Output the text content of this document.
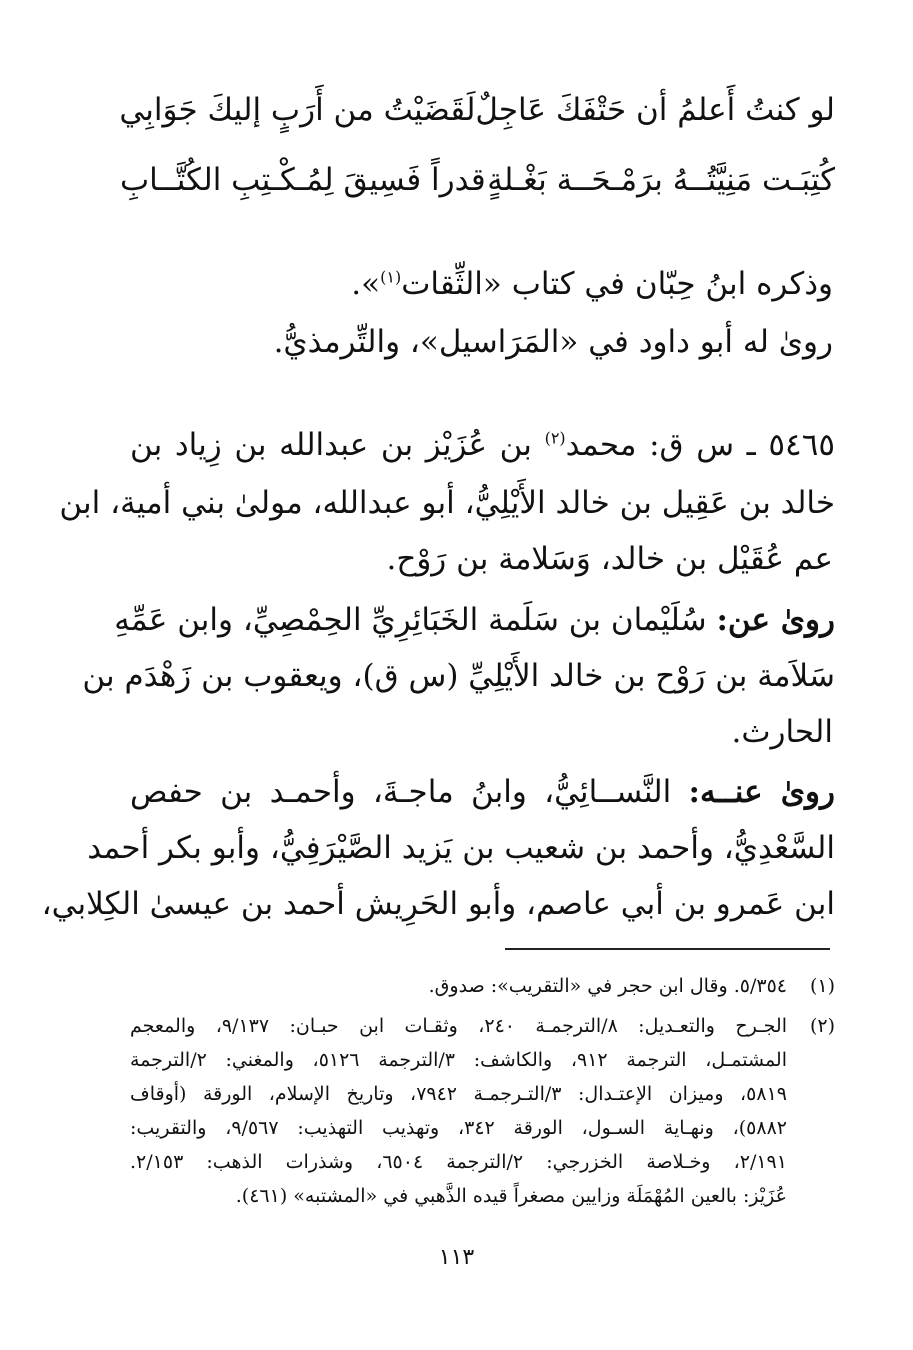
لو كنتُ أَعلمُ أن حَتْفَكَ عَاجِلٌ
لَقَضَيْتُ من أَرَبٍ إليكَ جَوَابِي
كُتِبَـت مَنِيَّتُــهُ برَمْـحَــة بَغْـلةٍ
قدراً فَسِيقَ لِمُـكْـتِبِ الكُتَّــابِ
وذكره ابنُ حِبّان في كتاب «الثِّقات$^{(١)}$».
روىٰ له أبو داود في «المَرَاسيل»، والتِّرمذيُّ.
٥٤٦٥ ـ س ق: محمد$^{(٢)}$ بن عُزَيْز بن عبدالله بن زِياد بن
خالد بن عَقِيل بن خالد الأَيْلِيُّ، أبو عبدالله، مولىٰ بني أمية، ابن
عم عُقَيْل بن خالد، وَسَلامة بن رَوْح.
روىٰ عن: سُلَيْمان بن سَلَمة الخَبَائِرِيِّ الحِمْصِيِّ، وابن عَمِّهِ
سَلاَمة بن رَوْح بن خالد الأَيْلِيِّ (س ق)، ويعقوب بن زَهْدَم بن
الحارث.
روىٰ عنــه: النَّســائِيُّ، وابنُ ماجـةَ، وأحمـد بن حفص
السَّعْدِيُّ، وأحمد بن شعيب بن يَزيد الصَّيْرَفِيُّ، وأبو بكر أحمد
ابن عَمرو بن أبي عاصم، وأبو الحَرِيش أحمد بن عيسىٰ الكِلابي،
(١)
٥/٣٥٤. وقال ابن حجر في «التقريب»: صدوق.
(٢)
الجـرح والتعـديل: ٨/الترجمـة ٢٤٠، وثقـات ابن حبـان: ٩/١٣٧، والمعجم
المشتمـل، الترجمة ٩١٢، والكاشف: ٣/الترجمة ٥١٢٦، والمغني: ٢/الترجمة
٥٨١٩، وميزان الإعتـدال: ٣/التـرجمـة ٧٩٤٢، وتاريخ الإسلام، الورقة (أوقاف
٥٨٨٢)، ونهـاية السـول، الورقة ٣٤٢، وتهذيب التهذيب: ٩/٥٦٧، والتقريب:
٢/١٩١، وخـلاصة الخزرجي: ٢/الترجمة ٦٥٠٤، وشذرات الذهب: ٢/١٥٣.
عُزَيْز: بالعين المُهْمَلَة وزايين مصغراً قيده الذَّهبي في «المشتبه» (٤٦١).
١١٣
